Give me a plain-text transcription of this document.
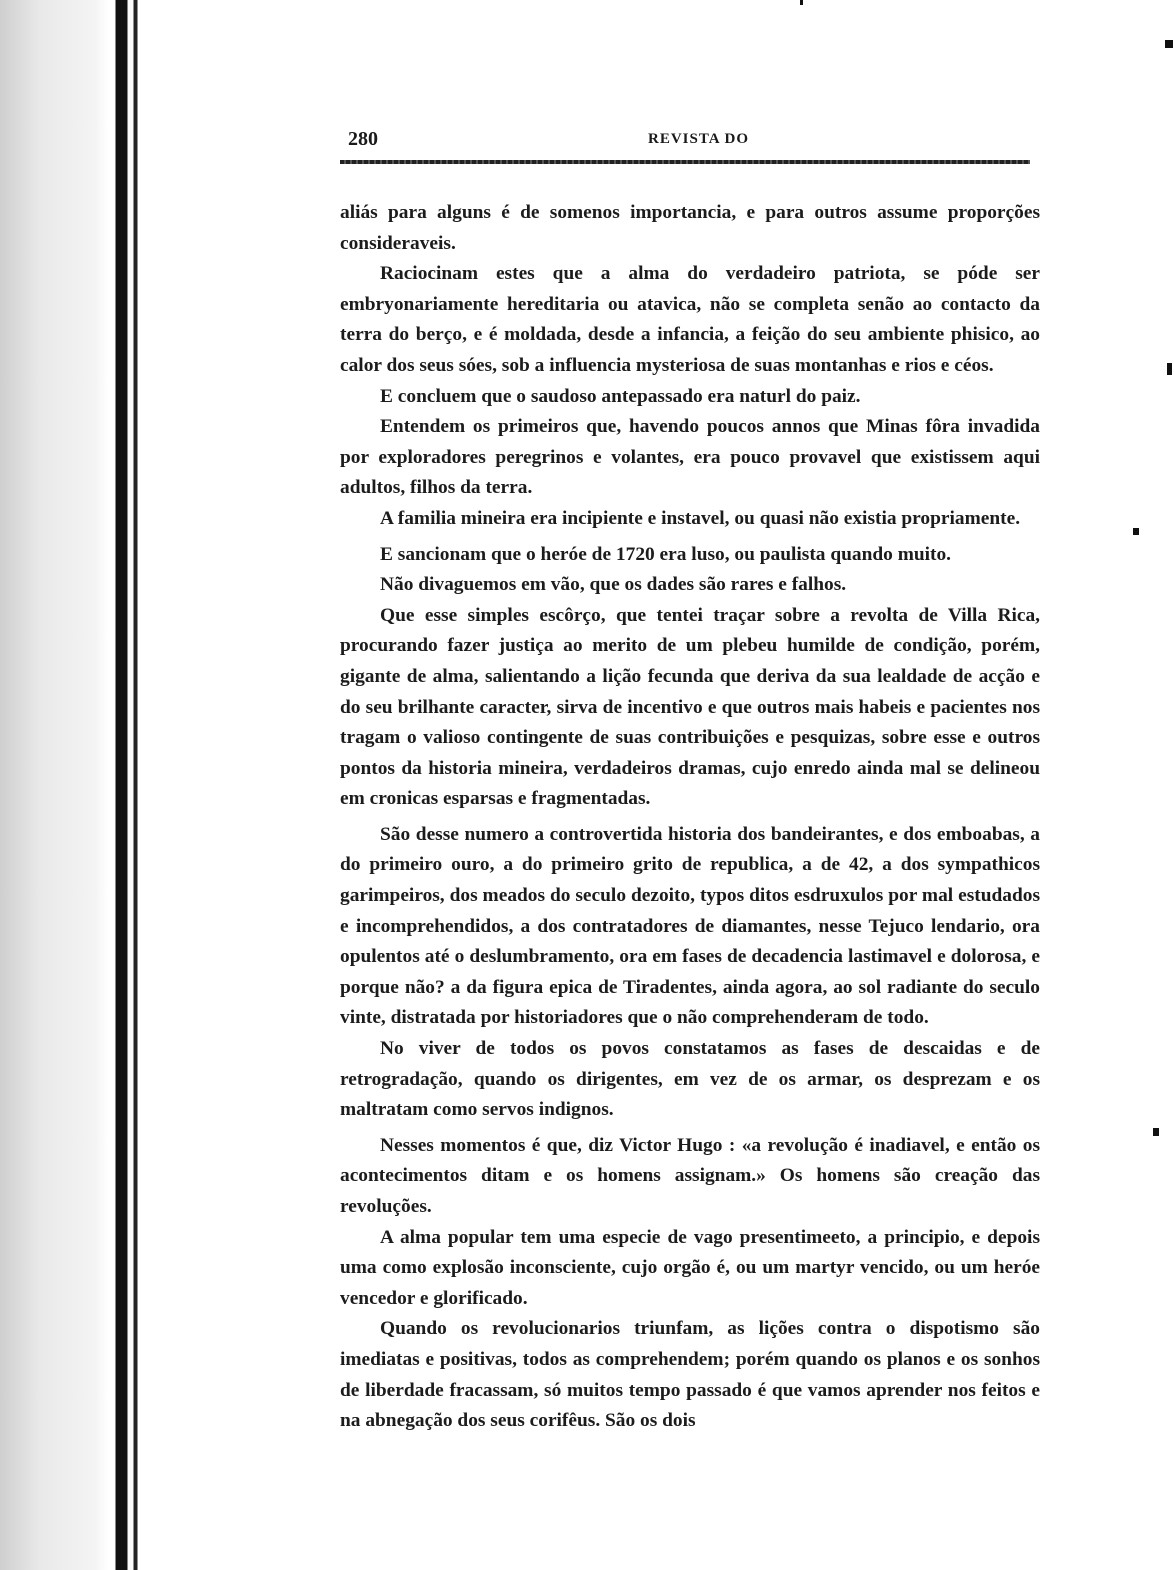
280	REVISTA DO

aliás para alguns é de somenos importancia, e para outros assume proporções consideraveis.

Raciocinam estes que a alma do verdadeiro patriota, se póde ser embryonariamente hereditaria ou atavica, não se completa senão ao contacto da terra do berço, e é moldada, desde a infancia, a feição do seu ambiente phisico, ao calor dos seus sóes, sob a influencia mysteriosa de suas montanhas e rios e céos.

E concluem que o saudoso antepassado era naturl do paiz.

Entendem os primeiros que, havendo poucos annos que Minas fôra invadida por exploradores peregrinos e volantes, era pouco provavel que existissem aqui adultos, filhos da terra.

A familia mineira era incipiente e instavel, ou quasi não existia propriamente.

E sancionam que o heróe de 1720 era luso, ou paulista quando muito.

Não divaguemos em vão, que os dades são rares e falhos.

Que esse simples escôrço, que tentei traçar sobre a revolta de Villa Rica, procurando fazer justiça ao merito de um plebeu humilde de condição, porém, gigante de alma, salientando a lição fecunda que deriva da sua lealdade de acção e do seu brilhante caracter, sirva de incentivo e que outros mais habeis e pacientes nos tragam o valioso contingente de suas contribuições e pesquizas, sobre esse e outros pontos da historia mineira, verdadeiros dramas, cujo enredo ainda mal se delineou em cronicas esparsas e fragmentadas.

São desse numero a controvertida historia dos bandeirantes, e dos emboabas, a do primeiro ouro, a do primeiro grito de republica, a de 42, a dos sympathicos garimpeiros, dos meados do seculo dezoito, typos ditos esdruxulos por mal estudados e incomprehendidos, a dos contratadores de diamantes, nesse Tejuco lendario, ora opulentos até o deslumbramento, ora em fases de decadencia lastimavel e dolorosa, e porque não? a da figura epica de Tiradentes, ainda agora, ao sol radiante do seculo vinte, distratada por historiadores que o não comprehenderam de todo.

No viver de todos os povos constatamos as fases de descaidas e de retrogradação, quando os dirigentes, em vez de os armar, os desprezam e os maltratam como servos indignos.

Nesses momentos é que, diz Victor Hugo : «a revolução é inadiavel, e então os acontecimentos ditam e os homens assignam.» Os homens são creação das revoluções.

A alma popular tem uma especie de vago presentimeeto, a principio, e depois uma como explosão inconsciente, cujo orgão é, ou um martyr vencido, ou um heróe vencedor e glorificado.

Quando os revolucionarios triunfam, as lições contra o dispotismo são imediatas e positivas, todos as comprehendem; porém quando os planos e os sonhos de liberdade fracassam, só muitos tempo passado é que vamos aprender nos feitos e na abnegação dos seus corifêus. São os dois
